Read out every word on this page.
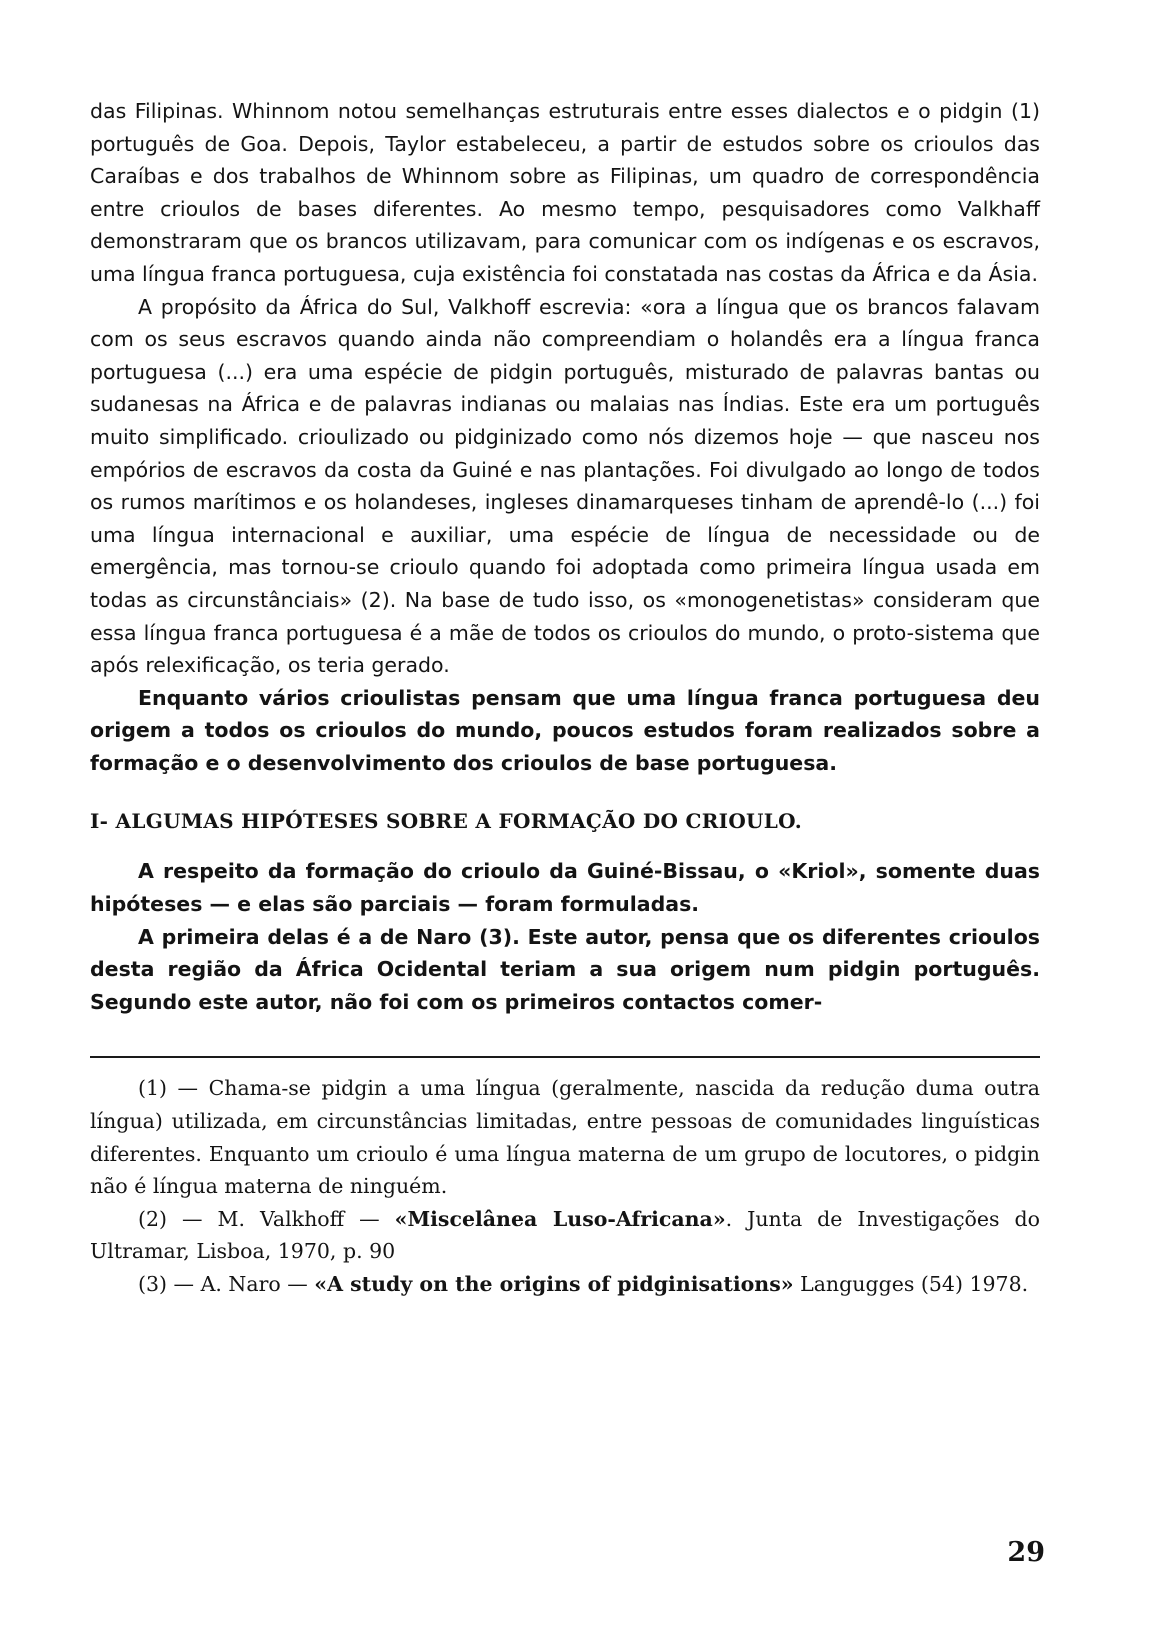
das Filipinas. Whinnom notou semelhanças estruturais entre esses dialectos e o pidgin (1) português de Goa. Depois, Taylor estabeleceu, a partir de estudos sobre os crioulos das Caraíbas e dos trabalhos de Whinnom sobre as Filipinas, um quadro de correspondência entre crioulos de bases diferentes. Ao mesmo tempo, pesquisadores como Valkhaff demonstraram que os brancos utilizavam, para comunicar com os indígenas e os escravos, uma língua franca portuguesa, cuja existência foi constatada nas costas da África e da Ásia.

A propósito da África do Sul, Valkhoff escrevia: «ora a língua que os brancos falavam com os seus escravos quando ainda não compreendiam o holandês era a língua franca portuguesa (...) era uma espécie de pidgin português, misturado de palavras bantas ou sudanesas na África e de palavras indianas ou malaias nas Índias. Este era um português muito simplificado. crioulizado ou pidginizado como nós dizemos hoje — que nasceu nos empórios de escravos da costa da Guiné e nas plantações. Foi divulgado ao longo de todos os rumos marítimos e os holandeses, ingleses dinamarqueses tinham de aprendê-lo (...) foi uma língua internacional e auxiliar, uma espécie de língua de necessidade ou de emergência, mas tornou-se crioulo quando foi adoptada como primeira língua usada em todas as circunstânciais» (2). Na base de tudo isso, os «monogenetistas» consideram que essa língua franca portuguesa é a mãe de todos os crioulos do mundo, o proto-sistema que após relexificação, os teria gerado.

Enquanto vários crioulistas pensam que uma língua franca portuguesa deu origem a todos os crioulos do mundo, poucos estudos foram realizados sobre a formação e o desenvolvimento dos crioulos de base portuguesa.

I- ALGUMAS HIPÓTESES SOBRE A FORMAÇÃO DO CRIOULO.

A respeito da formação do crioulo da Guiné-Bissau, o «Kriol», somente duas hipóteses — e elas são parciais — foram formuladas.

A primeira delas é a de Naro (3). Este autor, pensa que os diferentes crioulos desta região da África Ocidental teriam a sua origem num pidgin português. Segundo este autor, não foi com os primeiros contactos comer-

(1) — Chama-se pidgin a uma língua (geralmente, nascida da redução duma outra língua) utilizada, em circunstâncias limitadas, entre pessoas de comunidades linguísticas diferentes. Enquanto um crioulo é uma língua materna de um grupo de locutores, o pidgin não é língua materna de ninguém.

(2) — M. Valkhoff — «Miscelânea Luso-Africana». Junta de Investigações do Ultramar, Lisboa, 1970, p. 90

(3) — A. Naro — «A study on the origins of pidginisations» Langugges (54) 1978.

29
